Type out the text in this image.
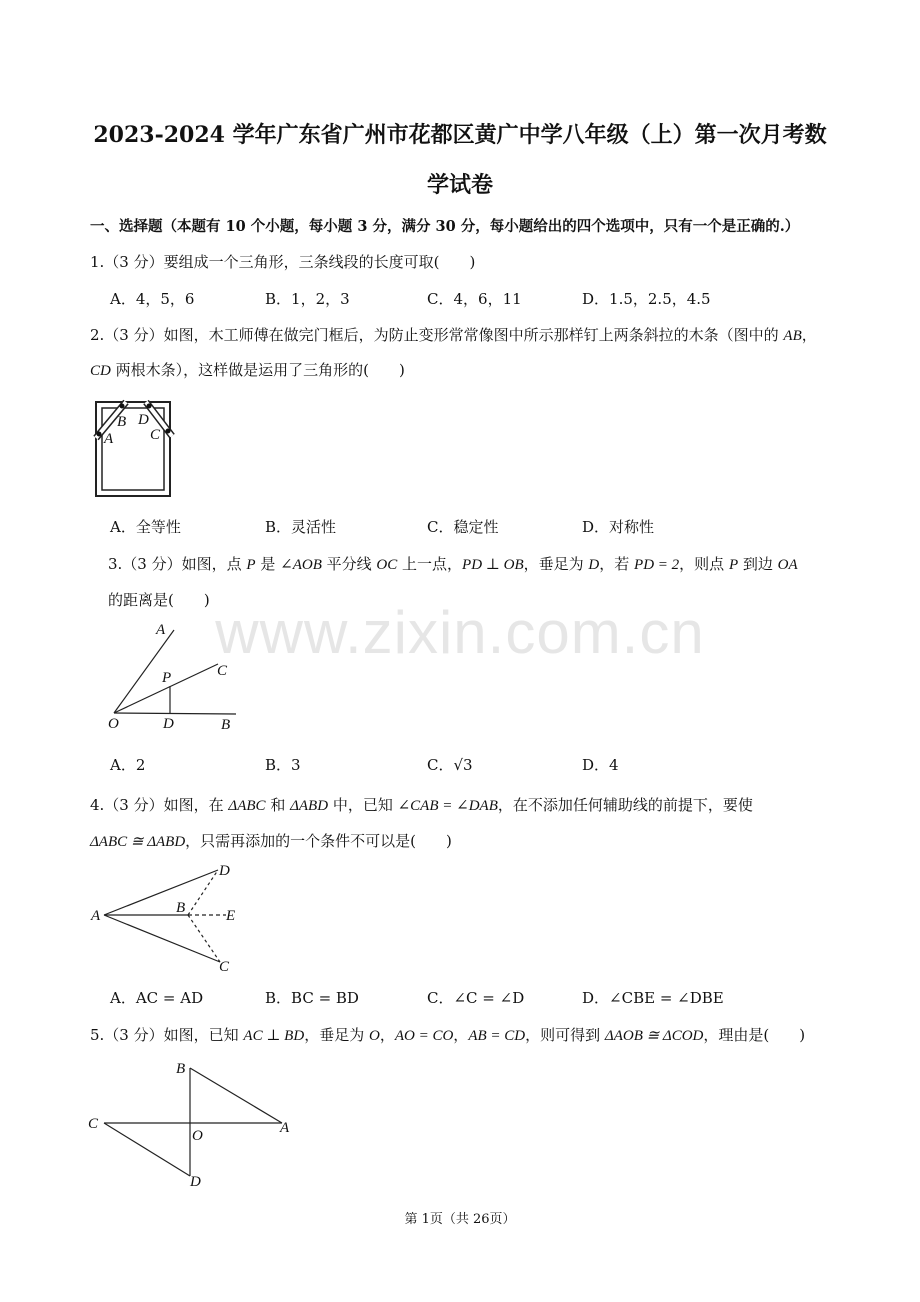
2023-2024 学年广东省广州市花都区黄广中学八年级（上）第一次月考数
学试卷
一、选择题（本题有 10 个小题，每小题 3 分，满分 30 分，每小题给出的四个选项中，只有一个是正确的.）
1.（3 分）要组成一个三角形，三条线段的长度可取(　　)
A．4，5，6	B．1，2，3	C．4，6，11	D．1.5，2.5，4.5
2.（3 分）如图，木工师傅在做完门框后，为防止变形常常像图中所示那样钉上两条斜拉的木条（图中的 AB，
CD 两根木条），这样做是运用了三角形的(　　)
A
B D
C
A．全等性	B．灵活性	C．稳定性	D．对称性
3.（3 分）如图，点 P 是 ∠AOB 平分线 OC 上一点，PD ⊥ OB，垂足为 D，若 PD = 2，则点 P 到边 OA
的距离是(　　)
A
C
P
O	D	B
A．2	B．3	C．√3	D．4
4.（3 分）如图，在 ΔABC 和 ΔABD 中，已知 ∠CAB = ∠DAB，在不添加任何辅助线的前提下，要使
ΔABC ≅ ΔABD，只需再添加的一个条件不可以是(　　)
D
A	B	E
C
A．AC = AD	B．BC = BD	C．∠C = ∠D	D．∠CBE = ∠DBE
5.（3 分）如图，已知 AC ⊥ BD，垂足为 O，AO = CO，AB = CD，则可得到 ΔAOB ≅ ΔCOD，理由是(　　)
B
C
O	A
D
www.zixin.com.cn
第 1页（共 26页）
